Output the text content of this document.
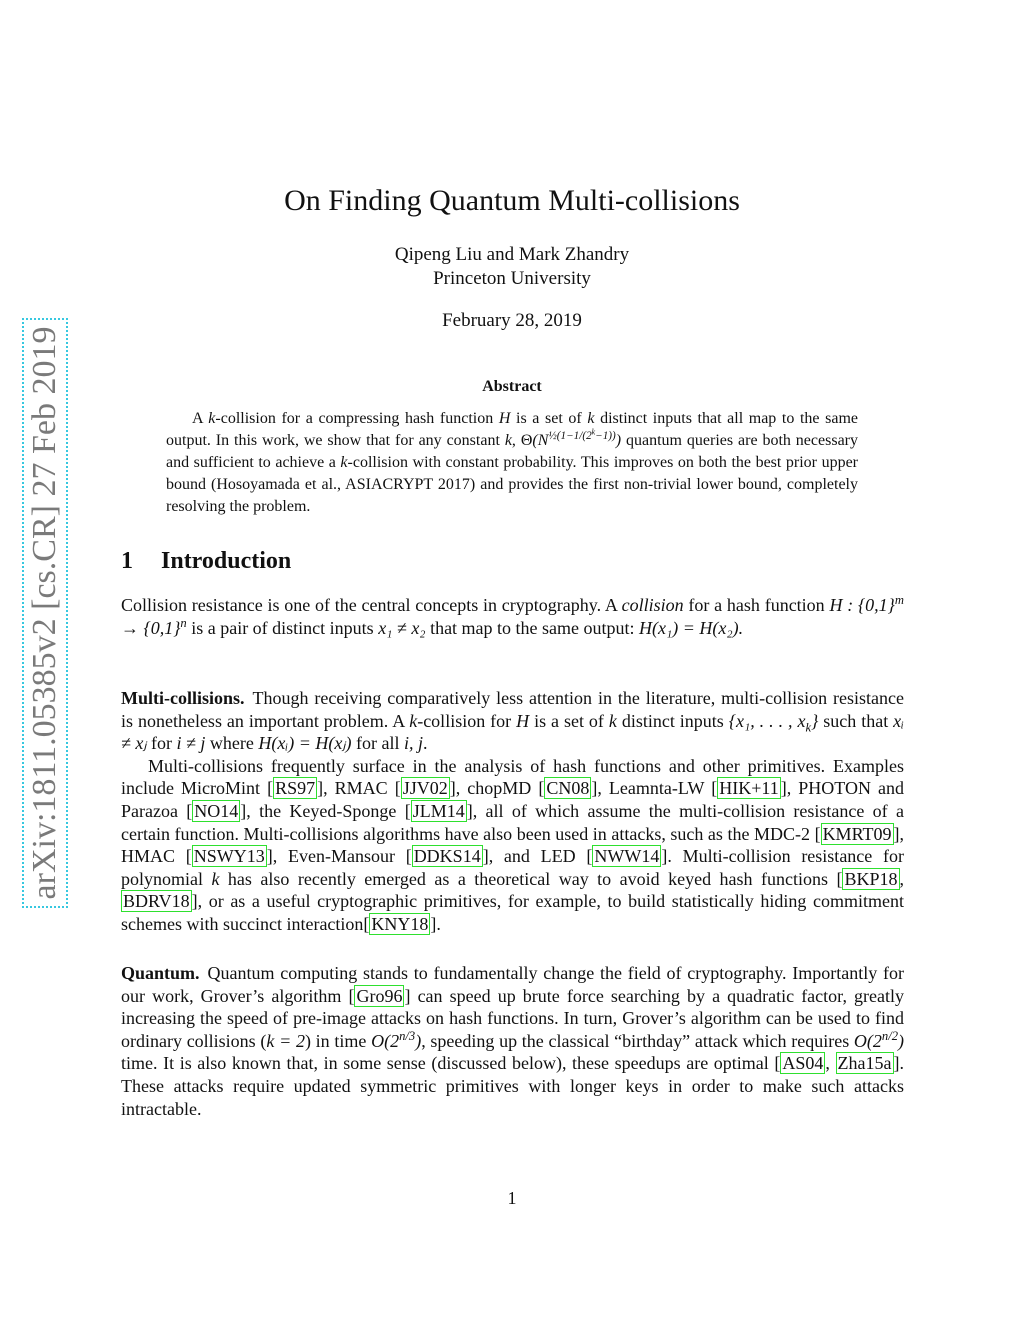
arXiv:1811.05385v2 [cs.CR] 27 Feb 2019
On Finding Quantum Multi-collisions
Qipeng Liu and Mark Zhandry
Princeton University
February 28, 2019
Abstract

A k-collision for a compressing hash function H is a set of k distinct inputs that all map to the same output. In this work, we show that for any constant k, $\Theta(N^{\frac{1}{2}(1-1/(2^k-1))})$ quantum queries are both necessary and sufficient to achieve a k-collision with constant probability. This improves on both the best prior upper bound (Hosoyamada et al., ASIACRYPT 2017) and provides the first non-trivial lower bound, completely resolving the problem.

1 Introduction

Collision resistance is one of the central concepts in cryptography. A collision for a hash function H : $\{0,1\}^m \to \{0,1\}^n$ is a pair of distinct inputs x₁ ≠ x₂ that map to the same output: H(x₁) = H(x₂).

Multi-collisions. Though receiving comparatively less attention in the literature, multi-collision resistance is nonetheless an important problem. A k-collision for H is a set of k distinct inputs {x₁, . . . , $x_k$} such that xᵢ ≠ xⱼ for i ≠ j where H(xᵢ) = H(xⱼ) for all i, j.

Multi-collisions frequently surface in the analysis of hash functions and other primitives. Examples include MicroMint [ RS97 ], RMAC [ JJV02 ], chopMD [ CN08 ], Leamnta-LW [ HIK+11 ], PHOTON and Parazoa [ NO14 ], the Keyed-Sponge [ JLM14 ], all of which assume the multi-collision resistance of a certain function. Multi-collisions algorithms have also been used in attacks, such as the MDC-2 [ KMRT09 ], HMAC [ NSWY13 ], Even-Mansour [ DDKS14 ], and LED [ NWW14 ]. Multi-collision resistance for polynomial k has also recently emerged as a theoretical way to avoid keyed hash functions [ BKP18 , BDRV18 ], or as a useful cryptographic primitives, for example, to build statistically hiding commitment schemes with succinct interaction[ KNY18 ].

Quantum. Quantum computing stands to fundamentally change the field of cryptography. Importantly for our work, Grover’s algorithm [ Gro96 ] can speed up brute force searching by a quadratic factor, greatly increasing the speed of pre-image attacks on hash functions. In turn, Grover’s algorithm can be used to find ordinary collisions (k = 2) in time $O(2^{n/3})$, speeding up the classical “birthday” attack which requires $O(2^{n/2})$ time. It is also known that, in some sense (discussed below), these speedups are optimal [ AS04 , Zha15a ]. These attacks require updated symmetric primitives with longer keys in order to make such attacks intractable.

1
